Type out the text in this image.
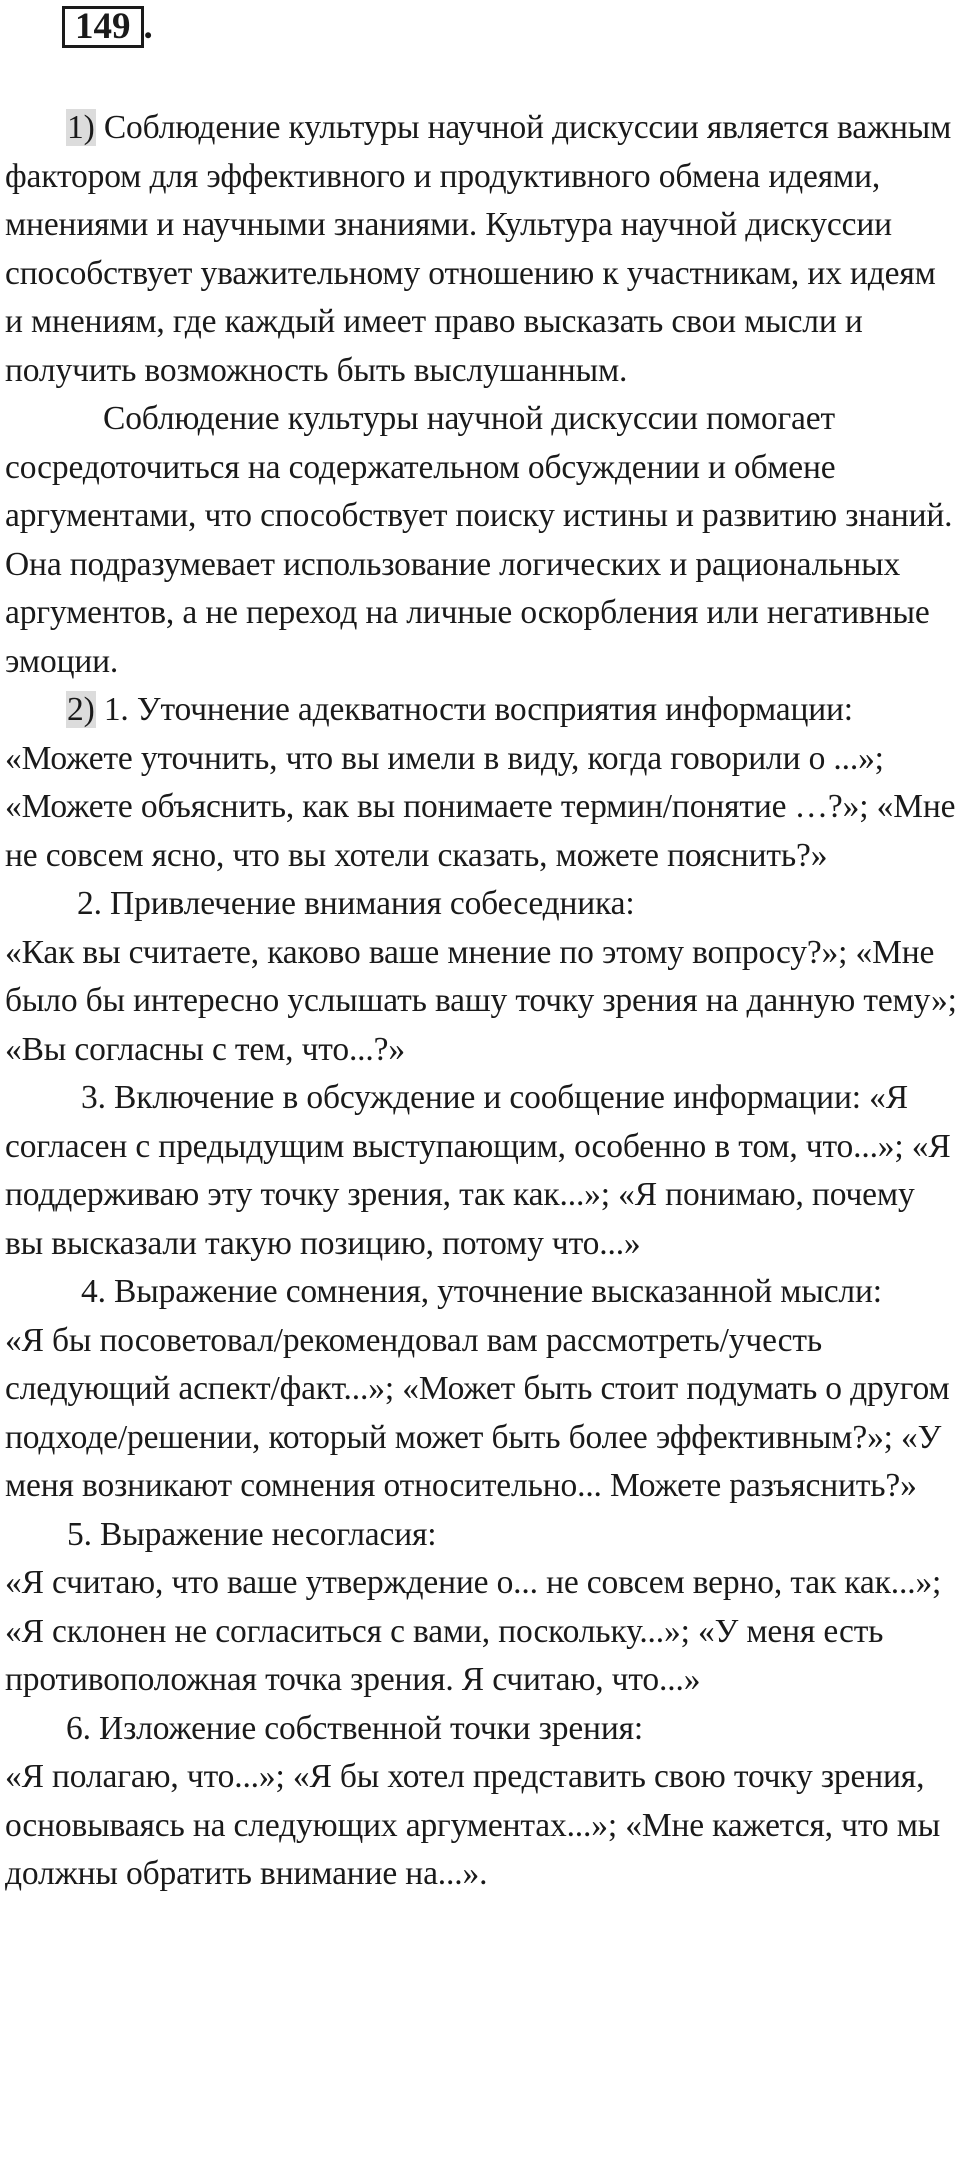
149 .

1) Соблюдение культуры научной дискуссии является важным фактором для эффективного и продуктивного обмена идеями, мнениями и научными знаниями. Культура научной дискуссии способствует уважительному отношению к участникам, их идеям и мнениям, где каждый имеет право высказать свои мысли и получить возможность быть выслушанным.

Соблюдение культуры научной дискуссии помогает сосредоточиться на содержательном обсуждении и обмене аргументами, что способствует поиску истины и развитию знаний. Она подразумевает использование логических и рациональных аргументов, а не переход на личные оскорбления или негативные эмоции.

2) 1. Уточнение адекватности восприятия информации: «Можете уточнить, что вы имели в виду, когда говорили о ...»; «Можете объяснить, как вы понимаете термин/понятие …?»; «Мне не совсем ясно, что вы хотели сказать, можете пояснить?»

2. Привлечение внимания собеседника:

«Как вы считаете, каково ваше мнение по этому вопросу?»; «Мне было бы интересно услышать вашу точку зрения на данную тему»; «Вы согласны с тем, что...?»

3. Включение в обсуждение и сообщение информации: «Я согласен с предыдущим выступающим, особенно в том, что...»; «Я поддерживаю эту точку зрения, так как...»; «Я понимаю, почему вы высказали такую позицию, потому что...»

4. Выражение сомнения, уточнение высказанной мысли:

«Я бы посоветовал/рекомендовал вам рассмотреть/учесть следующий аспект/факт...»; «Может быть стоит подумать о другом подходе/решении, который может быть более эффективным?»; «У меня возникают сомнения относительно... Можете разъяснить?»

5. Выражение несогласия:

«Я считаю, что ваше утверждение о... не совсем верно, так как...»; «Я склонен не согласиться с вами, поскольку...»; «У меня есть противоположная точка зрения. Я считаю, что...»

6. Изложение собственной точки зрения:

«Я полагаю, что...»; «Я бы хотел представить свою точку зрения, основываясь на следующих аргументах...»; «Мне кажется, что мы должны обратить внимание на...».
